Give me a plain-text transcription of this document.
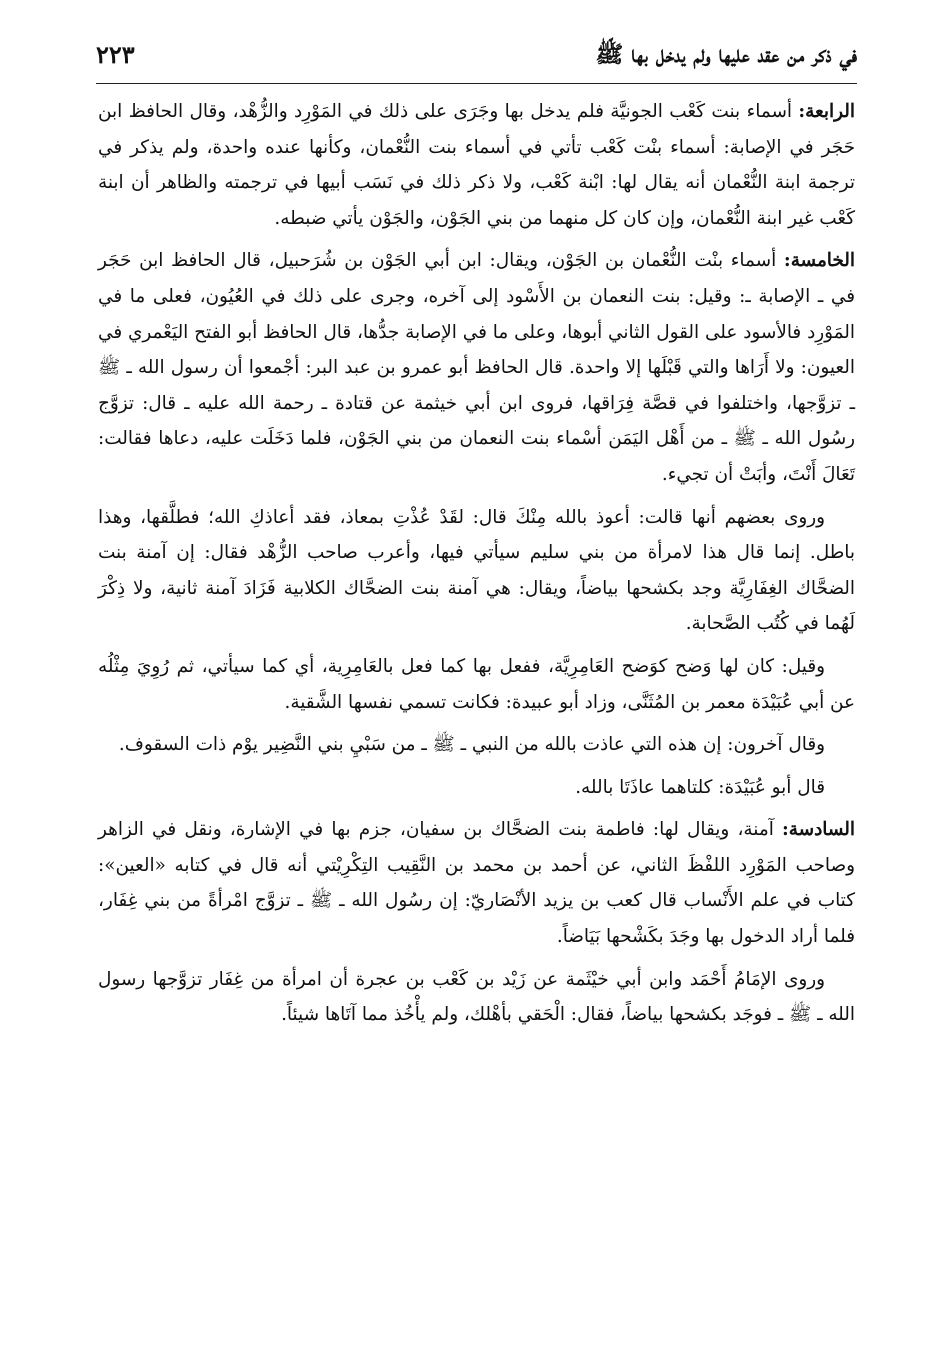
في ذكر من عقد عليها ولم يدخل بها ﷺ
٢٢٣

الرابعة: أسماء بنت كَعْب الجونيَّة فلم يدخل بها وجَرَى على ذلك في المَوْرِد والزُّهْد، وقال الحافظ ابن حَجَر في الإصابة: أسماء بنْت كَعْب تأتي في أسماء بنت النُّعْمان، وكأنها عنده واحدة، ولم يذكر في ترجمة ابنة النُّعْمان أنه يقال لها: ابْنة كَعْب، ولا ذكر ذلك في نَسَب أبيها في ترجمته والظاهر أن ابنة كَعْب غير ابنة النُّعْمان، وإن كان كل منهما من بني الجَوْن، والجَوْن يأتي ضبطه.

الخامسة: أسماء بنْت النُّعْمان بن الجَوْن، ويقال: ابن أبي الجَوْن بن شُرَحبيل، قال الحافظ ابن حَجَر في ـ الإصابة ـ: وقيل: بنت النعمان بن الأَسْود إلى آخره، وجرى على ذلك في العُيُون، فعلى ما في المَوْرِد فالأسود على القول الثاني أبوها، وعلى ما في الإصابة جدُّها، قال الحافظ أبو الفتح اليَعْمري في العيون: ولا أَرَاها والتي قَبْلَها إلا واحدة. قال الحافظ أبو عمرو بن عبد البر: أجْمعوا أن رسول الله ـ ﷺ ـ تزوَّجها، واختلفوا في قصَّة فِرَاقها، فروى ابن أبي خيثمة عن قتادة ـ رحمة الله عليه ـ قال: تزوَّج رسُول الله ـ ﷺ ـ من أَهْل اليَمَن أسْماء بنت النعمان من بني الجَوْن، فلما دَخَلَت عليه، دعاها فقالت: تَعَالَ أَنْتَ، وأبَتْ أن تجيء.

وروى بعضهم أنها قالت: أعوذ بالله مِنْكَ قال: لقَدْ عُذْتِ بمعاذ، فقد أعاذكِ الله؛ فطلَّقها، وهذا باطل. إنما قال هذا لامرأة من بني سليم سيأتي فيها، وأعرب صاحب الزُّهْد فقال: إن آمنة بنت الضحَّاك الغِفَارِيَّة وجد بكشحها بياضاً، ويقال: هي آمنة بنت الضحَّاك الكلابية فَزَادَ آمنة ثانية، ولا ذِكْرَ لَهُما في كُتُب الصَّحابة.

وقيل: كان لها وَضح كوَضح العَامِرِيَّة، ففعل بها كما فعل بالعَامِرِية، أي كما سيأتي، ثم رُوِيَ مِثْلُه عن أبي عُبَيْدَة معمر بن المُثَنَّى، وزاد أبو عبيدة: فكانت تسمي نفسها الشَّقية.

وقال آخرون: إن هذه التي عاذت بالله من النبي ـ ﷺ ـ من سَبْيِ بني النَّضِير يوْم ذات السقوف.

قال أبو عُبَيْدَة: كلتاهما عاذَتَا بالله.

السادسة: آمنة، ويقال لها: فاطمة بنت الضحَّاك بن سفيان، جزم بها في الإشارة، ونقل في الزاهر وصاحب المَوْرِد اللفْظَ الثاني، عن أحمد بن محمد بن النَّقِيب التِكْرِيْتي أنه قال في كتابه «العين»: كتاب في علم الأَنْساب قال كعب بن يزيد الأنْصَاريّ: إن رسُول الله ـ ﷺ ـ تزوَّج امْرأةً من بني غِفَار، فلما أراد الدخول بها وجَدَ بكَشْحها بَيَاضاً.

وروى الإمَامُ أَحْمَد وابن أبي خيْثَمة عن زَيْد بن كَعْب بن عجرة أن امرأة من غِفَار تزوَّجها رسول الله ـ ﷺ ـ فوجَد بكشحها بياضاً، فقال: الْحَقي بأهْلك، ولم يأْخُذ مما آتَاها شيئاً.
